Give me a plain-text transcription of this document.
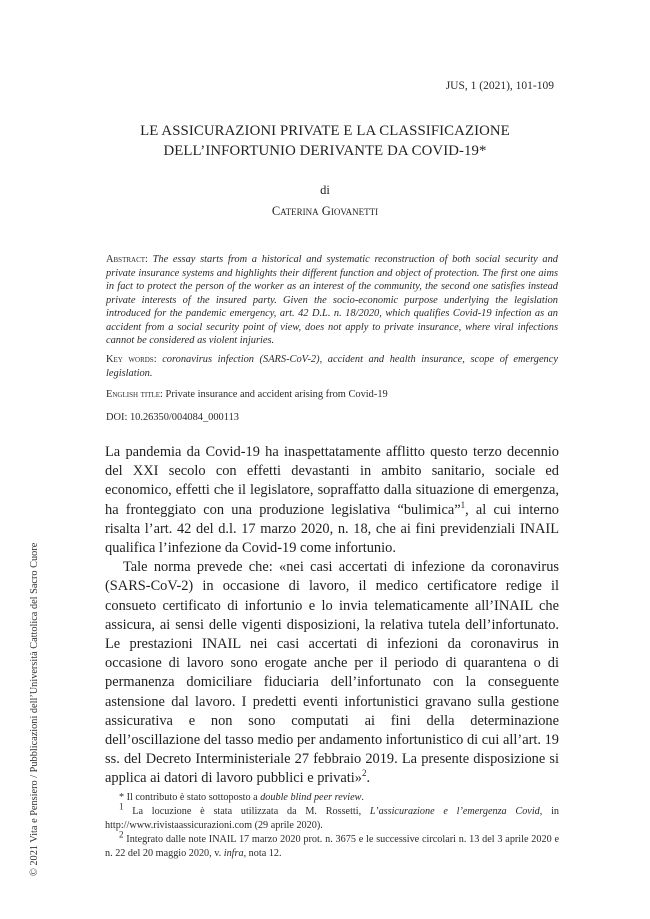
JUS, 1 (2021), 101-109
LE ASSICURAZIONI PRIVATE E LA CLASSIFICAZIONE
DELL’INFORTUNIO DERIVANTE DA COVID-19*
di
Caterina Giovanetti
Abstract: The essay starts from a historical and systematic reconstruction of both social security and private insurance systems and highlights their different function and object of protection. The first one aims in fact to protect the person of the worker as an interest of the community, the second one satisfies instead private interests of the insured party. Given the socio-economic purpose underlying the legislation introduced for the pandemic emergency, art. 42 D.L. n. 18/2020, which qualifies Covid-19 infection as an accident from a social security point of view, does not apply to private insurance, where viral infections cannot be considered as violent injuries.
Key words: coronavirus infection (SARS-CoV-2), accident and health insurance, scope of emergency legislation.
English title: Private insurance and accident arising from Covid-19
DOI: 10.26350/004084_000113

La pandemia da Covid-19 ha inaspettatamente afflitto questo terzo decennio del XXI secolo con effetti devastanti in ambito sanitario, sociale ed economico, effetti che il legislatore, sopraffatto dalla situazione di emergenza, ha fronteggiato con una produzione legislativa “bulimica”$^1$, al cui interno risalta l’art. 42 del d.l. 17 marzo 2020, n. 18, che ai fini previdenziali INAIL qualifica l’infezione da Covid-19 come infortunio.

Tale norma prevede che: «nei casi accertati di infezione da coronavirus (SARS-CoV-2) in occasione di lavoro, il medico certificatore redige il consueto certificato di infortunio e lo invia telematicamente all’INAIL che assicura, ai sensi delle vigenti disposizioni, la relativa tutela dell’infortunato. Le prestazioni INAIL nei casi accertati di infezioni da coronavirus in occasione di lavoro sono erogate anche per il periodo di quarantena o di permanenza domiciliare fiduciaria dell’infortunato con la conseguente astensione dal lavoro. I predetti eventi infortunistici gravano sulla gestione assicurativa e non sono computati ai fini della determinazione dell’oscillazione del tasso medio per andamento infortunistico di cui all’art. 19 ss. del Decreto Interministeriale 27 febbraio 2019. La presente disposizione si applica ai datori di lavoro pubblici e privati»$^2$.

* Il contributo è stato sottoposto a double blind peer review.

$^1$ La locuzione è stata utilizzata da M. Rossetti, L’assicurazione e l’emergenza Covid, in http://www.rivistaassicurazioni.com (29 aprile 2020).

$^2$ Integrato dalle note INAIL 17 marzo 2020 prot. n. 3675 e le successive circolari n. 13 del 3 aprile 2020 e n. 22 del 20 maggio 2020, v. infra, nota 12.

© 2021 Vita e Pensiero / Pubblicazioni dell’Università Cattolica del Sacro Cuore
